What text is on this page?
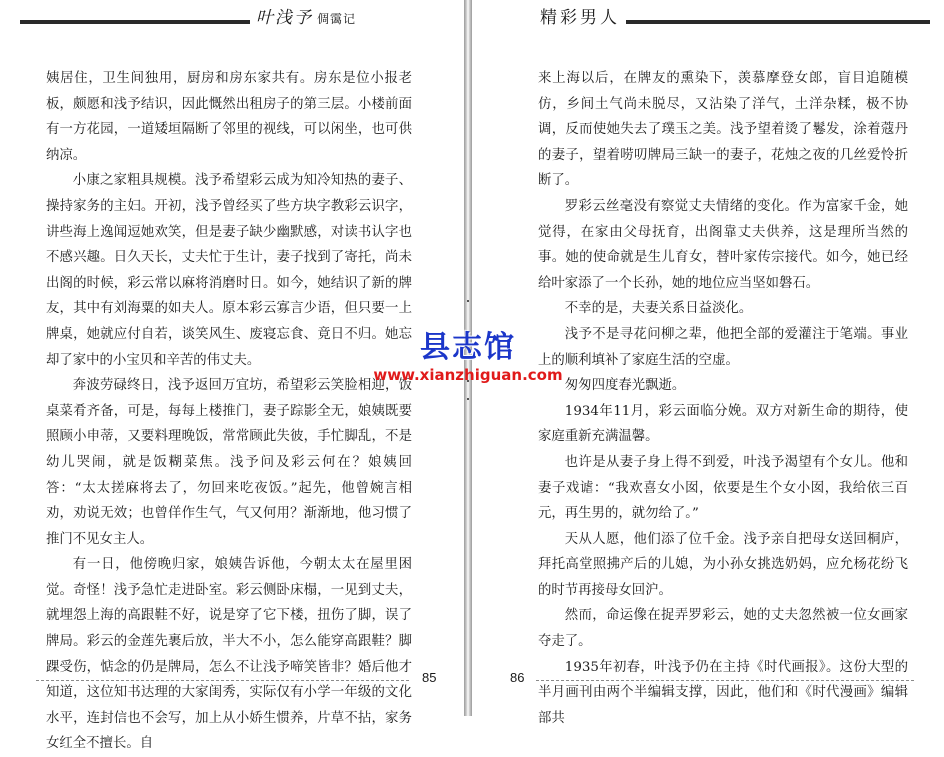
叶浅予 倜霭记

姨居住，卫生间独用，厨房和房东家共有。房东是位小报老板，颇愿和浅予结识，因此慨然出租房子的第三层。小楼前面有一方花园，一道矮垣隔断了邻里的视线，可以闲坐，也可供纳凉。

小康之家粗具规模。浅予希望彩云成为知冷知热的妻子、操持家务的主妇。开初，浅予曾经买了些方块字教彩云识字，讲些海上逸闻逗她欢笑，但是妻子缺少幽默感，对读书认字也不感兴趣。日久天长，丈夫忙于生计，妻子找到了寄托，尚未出阁的时候，彩云常以麻将消磨时日。如今，她结识了新的牌友，其中有刘海粟的如夫人。原本彩云寡言少语，但只要一上牌桌，她就应付自若，谈笑风生、废寝忘食、竟日不归。她忘却了家中的小宝贝和辛苦的伟丈夫。

奔波劳碌终日，浅予返回万宜坊，希望彩云笑脸相迎，饭桌菜肴齐备，可是，每每上楼推门，妻子踪影全无，娘姨既要照顾小申蒂，又要料理晚饭，常常顾此失彼，手忙脚乱，不是幼儿哭闹，就是饭糊菜焦。浅予问及彩云何在？娘姨回答：“太太搓麻将去了，勿回来吃夜饭。”起先，他曾婉言相劝，劝说无效；也曾佯作生气，气又何用？渐渐地，他习惯了推门不见女主人。

有一日，他傍晚归家，娘姨告诉他，今朝太太在屋里困觉。奇怪！浅予急忙走进卧室。彩云侧卧床榻，一见到丈夫，就埋怨上海的高跟鞋不好，说是穿了它下楼，扭伤了脚，误了牌局。彩云的金莲先裹后放，半大不小，怎么能穿高跟鞋？脚踝受伤，惦念的仍是牌局，怎么不让浅予啼笑皆非？婚后他才知道，这位知书达理的大家闺秀，实际仅有小学一年级的文化水平，连封信也不会写，加上从小娇生惯养，片草不拈，家务女红全不擅长。自

85
精彩男人

来上海以后，在牌友的熏染下，羡慕摩登女郎，盲目追随模仿，乡间土气尚未脱尽，又沾染了洋气，土洋杂糅，极不协调，反而使她失去了璞玉之美。浅予望着烫了鬈发，涂着蔻丹的妻子，望着唠叨牌局三缺一的妻子，花烛之夜的几丝爱怜折断了。

罗彩云丝毫没有察觉丈夫情绪的变化。作为富家千金，她觉得，在家由父母抚育，出阁靠丈夫供养，这是理所当然的事。她的使命就是生儿育女，替叶家传宗接代。如今，她已经给叶家添了一个长孙，她的地位应当坚如磐石。

不幸的是，夫妻关系日益淡化。

浅予不是寻花问柳之辈，他把全部的爱灌注于笔端。事业上的顺利填补了家庭生活的空虚。

匆匆四度春光飘逝。

1934年11月，彩云面临分娩。双方对新生命的期待，使家庭重新充满温馨。

也许是从妻子身上得不到爱，叶浅予渴望有个女儿。他和妻子戏谑：“我欢喜女小囡，依要是生个女小囡，我给依三百元，再生男的，就勿给了。”

天从人愿，他们添了位千金。浅予亲自把母女送回桐庐，拜托高堂照拂产后的儿媳，为小孙女挑选奶妈，应允杨花纷飞的时节再接母女回沪。

然而，命运像在捉弄罗彩云，她的丈夫忽然被一位女画家夺走了。

1935年初春，叶浅予仍在主持《时代画报》。这份大型的半月画刊由两个半编辑支撑，因此，他们和《时代漫画》编辑部共

86
县志馆
www.xianzhiguan.com
